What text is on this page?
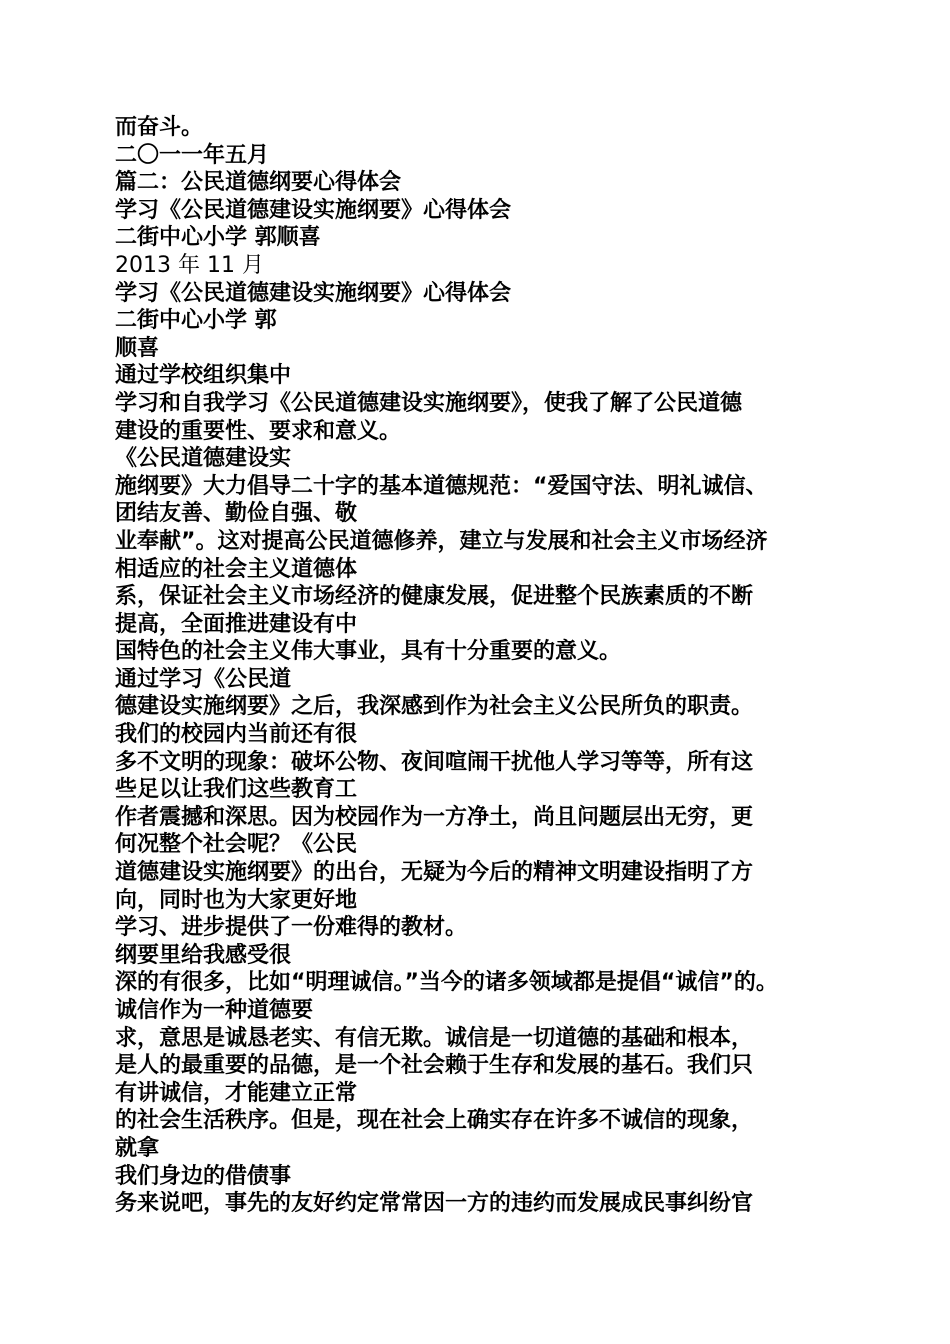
而奋斗。
二〇一一年五月
篇二：公民道德纲要心得体会
学习《公民道德建设实施纲要》心得体会
二街中心小学 郭顺喜
2013 年 11 月
学习《公民道德建设实施纲要》心得体会
二街中心小学 郭
顺喜
通过学校组织集中
学习和自我学习《公民道德建设实施纲要》，使我了解了公民道德
建设的重要性、要求和意义。
《公民道德建设实
施纲要》大力倡导二十字的基本道德规范：“爱国守法、明礼诚信、
团结友善、勤俭自强、敬
业奉献”。这对提高公民道德修养，建立与发展和社会主义市场经济
相适应的社会主义道德体
系，保证社会主义市场经济的健康发展，促进整个民族素质的不断
提高，全面推进建设有中
国特色的社会主义伟大事业，具有十分重要的意义。
通过学习《公民道
德建设实施纲要》之后，我深感到作为社会主义公民所负的职责。
我们的校园内当前还有很
多不文明的现象：破坏公物、夜间喧闹干扰他人学习等等，所有这
些足以让我们这些教育工
作者震撼和深思。因为校园作为一方净土，尚且问题层出无穷，更
何况整个社会呢？《公民
道德建设实施纲要》的出台，无疑为今后的精神文明建设指明了方
向，同时也为大家更好地
学习、进步提供了一份难得的教材。
纲要里给我感受很
深的有很多，比如“明理诚信。”当今的诸多领域都是提倡“诚信”的。
诚信作为一种道德要
求，意思是诚恳老实、有信无欺。诚信是一切道德的基础和根本，
是人的最重要的品德，是一个社会赖于生存和发展的基石。我们只
有讲诚信，才能建立正常
的社会生活秩序。但是，现在社会上确实存在许多不诚信的现象，
就拿
我们身边的借债事
务来说吧，事先的友好约定常常因一方的违约而发展成民事纠纷官
